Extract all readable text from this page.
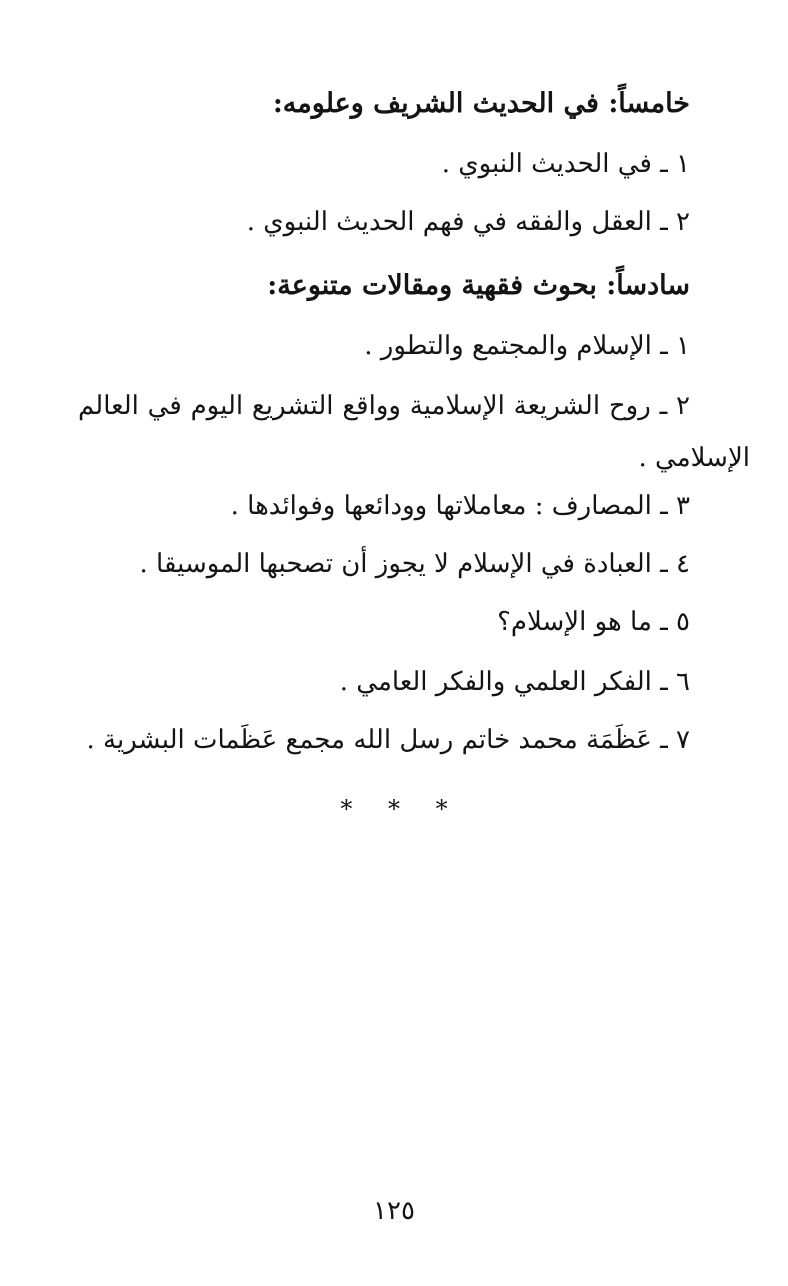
خامساً: في الحديث الشريف وعلومه:
١ ـ في الحديث النبوي .
٢ ـ العقل والفقه في فهم الحديث النبوي .
سادساً: بحوث فقهية ومقالات متنوعة:
١ ـ الإسلام والمجتمع والتطور .
٢ ـ روح الشريعة الإسلامية وواقع التشريع اليوم في العالم الإسلامي .
٣ ـ المصارف : معاملاتها وودائعها وفوائدها .
٤ ـ العبادة في الإسلام لا يجوز أن تصحبها الموسيقا .
٥ ـ ما هو الإسلام؟
٦ ـ الفكر العلمي والفكر العامي .
٧ ـ عَظَمَة محمد خاتم رسل الله مجمع عَظَمات البشرية .
* * *
١٢٥
